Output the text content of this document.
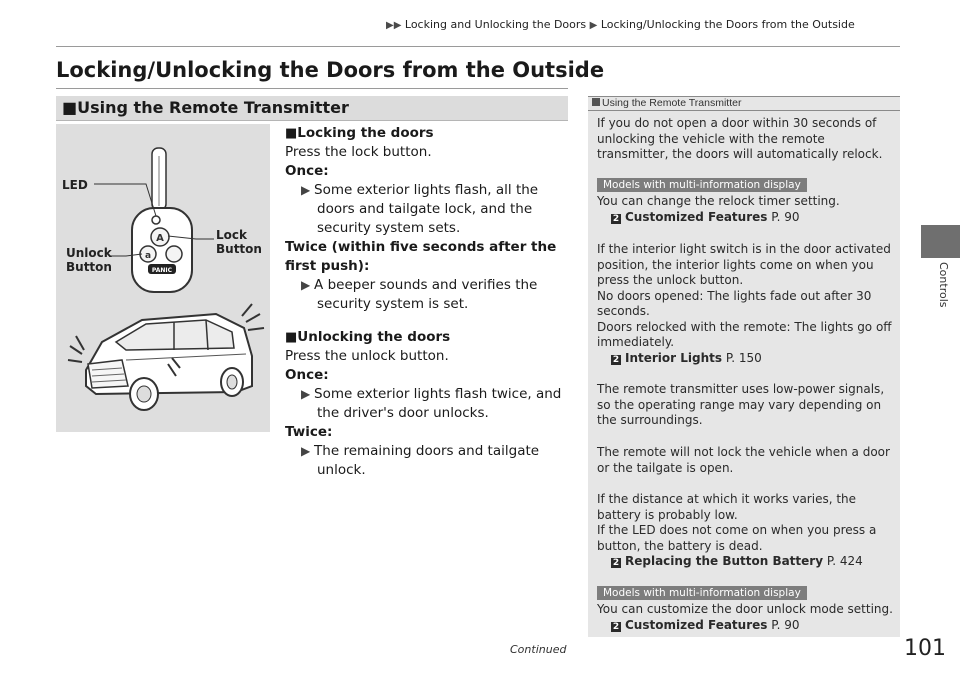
▶▶ Locking and Unlocking the Doors ▶ Locking/Unlocking the Doors from the Outside
Controls
Locking/Unlocking the Doors from the Outside
■Using the Remote Transmitter
A
a
PANIC
LED
Lock
Button
Unlock
Button
■Locking the doors
Press the lock button.
Once:
▶ Some exterior lights flash, all the doors and tailgate lock, and the security system sets.
Twice (within five seconds after the first push):
▶ A beeper sounds and verifies the security system is set.
■Unlocking the doors
Press the unlock button.
Once:
▶ Some exterior lights flash twice, and the driver's door unlocks.
Twice:
▶ The remaining doors and tailgate unlock.
Using the Remote Transmitter
If you do not open a door within 30 seconds of unlocking the vehicle with the remote transmitter, the doors will automatically relock.
Models with multi-information display
You can change the relock timer setting.
2 Customized Features P. 90
If the interior light switch is in the door activated position, the interior lights come on when you press the unlock button.
No doors opened: The lights fade out after 30 seconds.
Doors relocked with the remote: The lights go off immediately.
2 Interior Lights P. 150
The remote transmitter uses low-power signals, so the operating range may vary depending on the surroundings.
The remote will not lock the vehicle when a door or the tailgate is open.
If the distance at which it works varies, the battery is probably low.
If the LED does not come on when you press a button, the battery is dead.
2 Replacing the Button Battery P. 424
Models with multi-information display
You can customize the door unlock mode setting.
2 Customized Features P. 90
Continued	101
